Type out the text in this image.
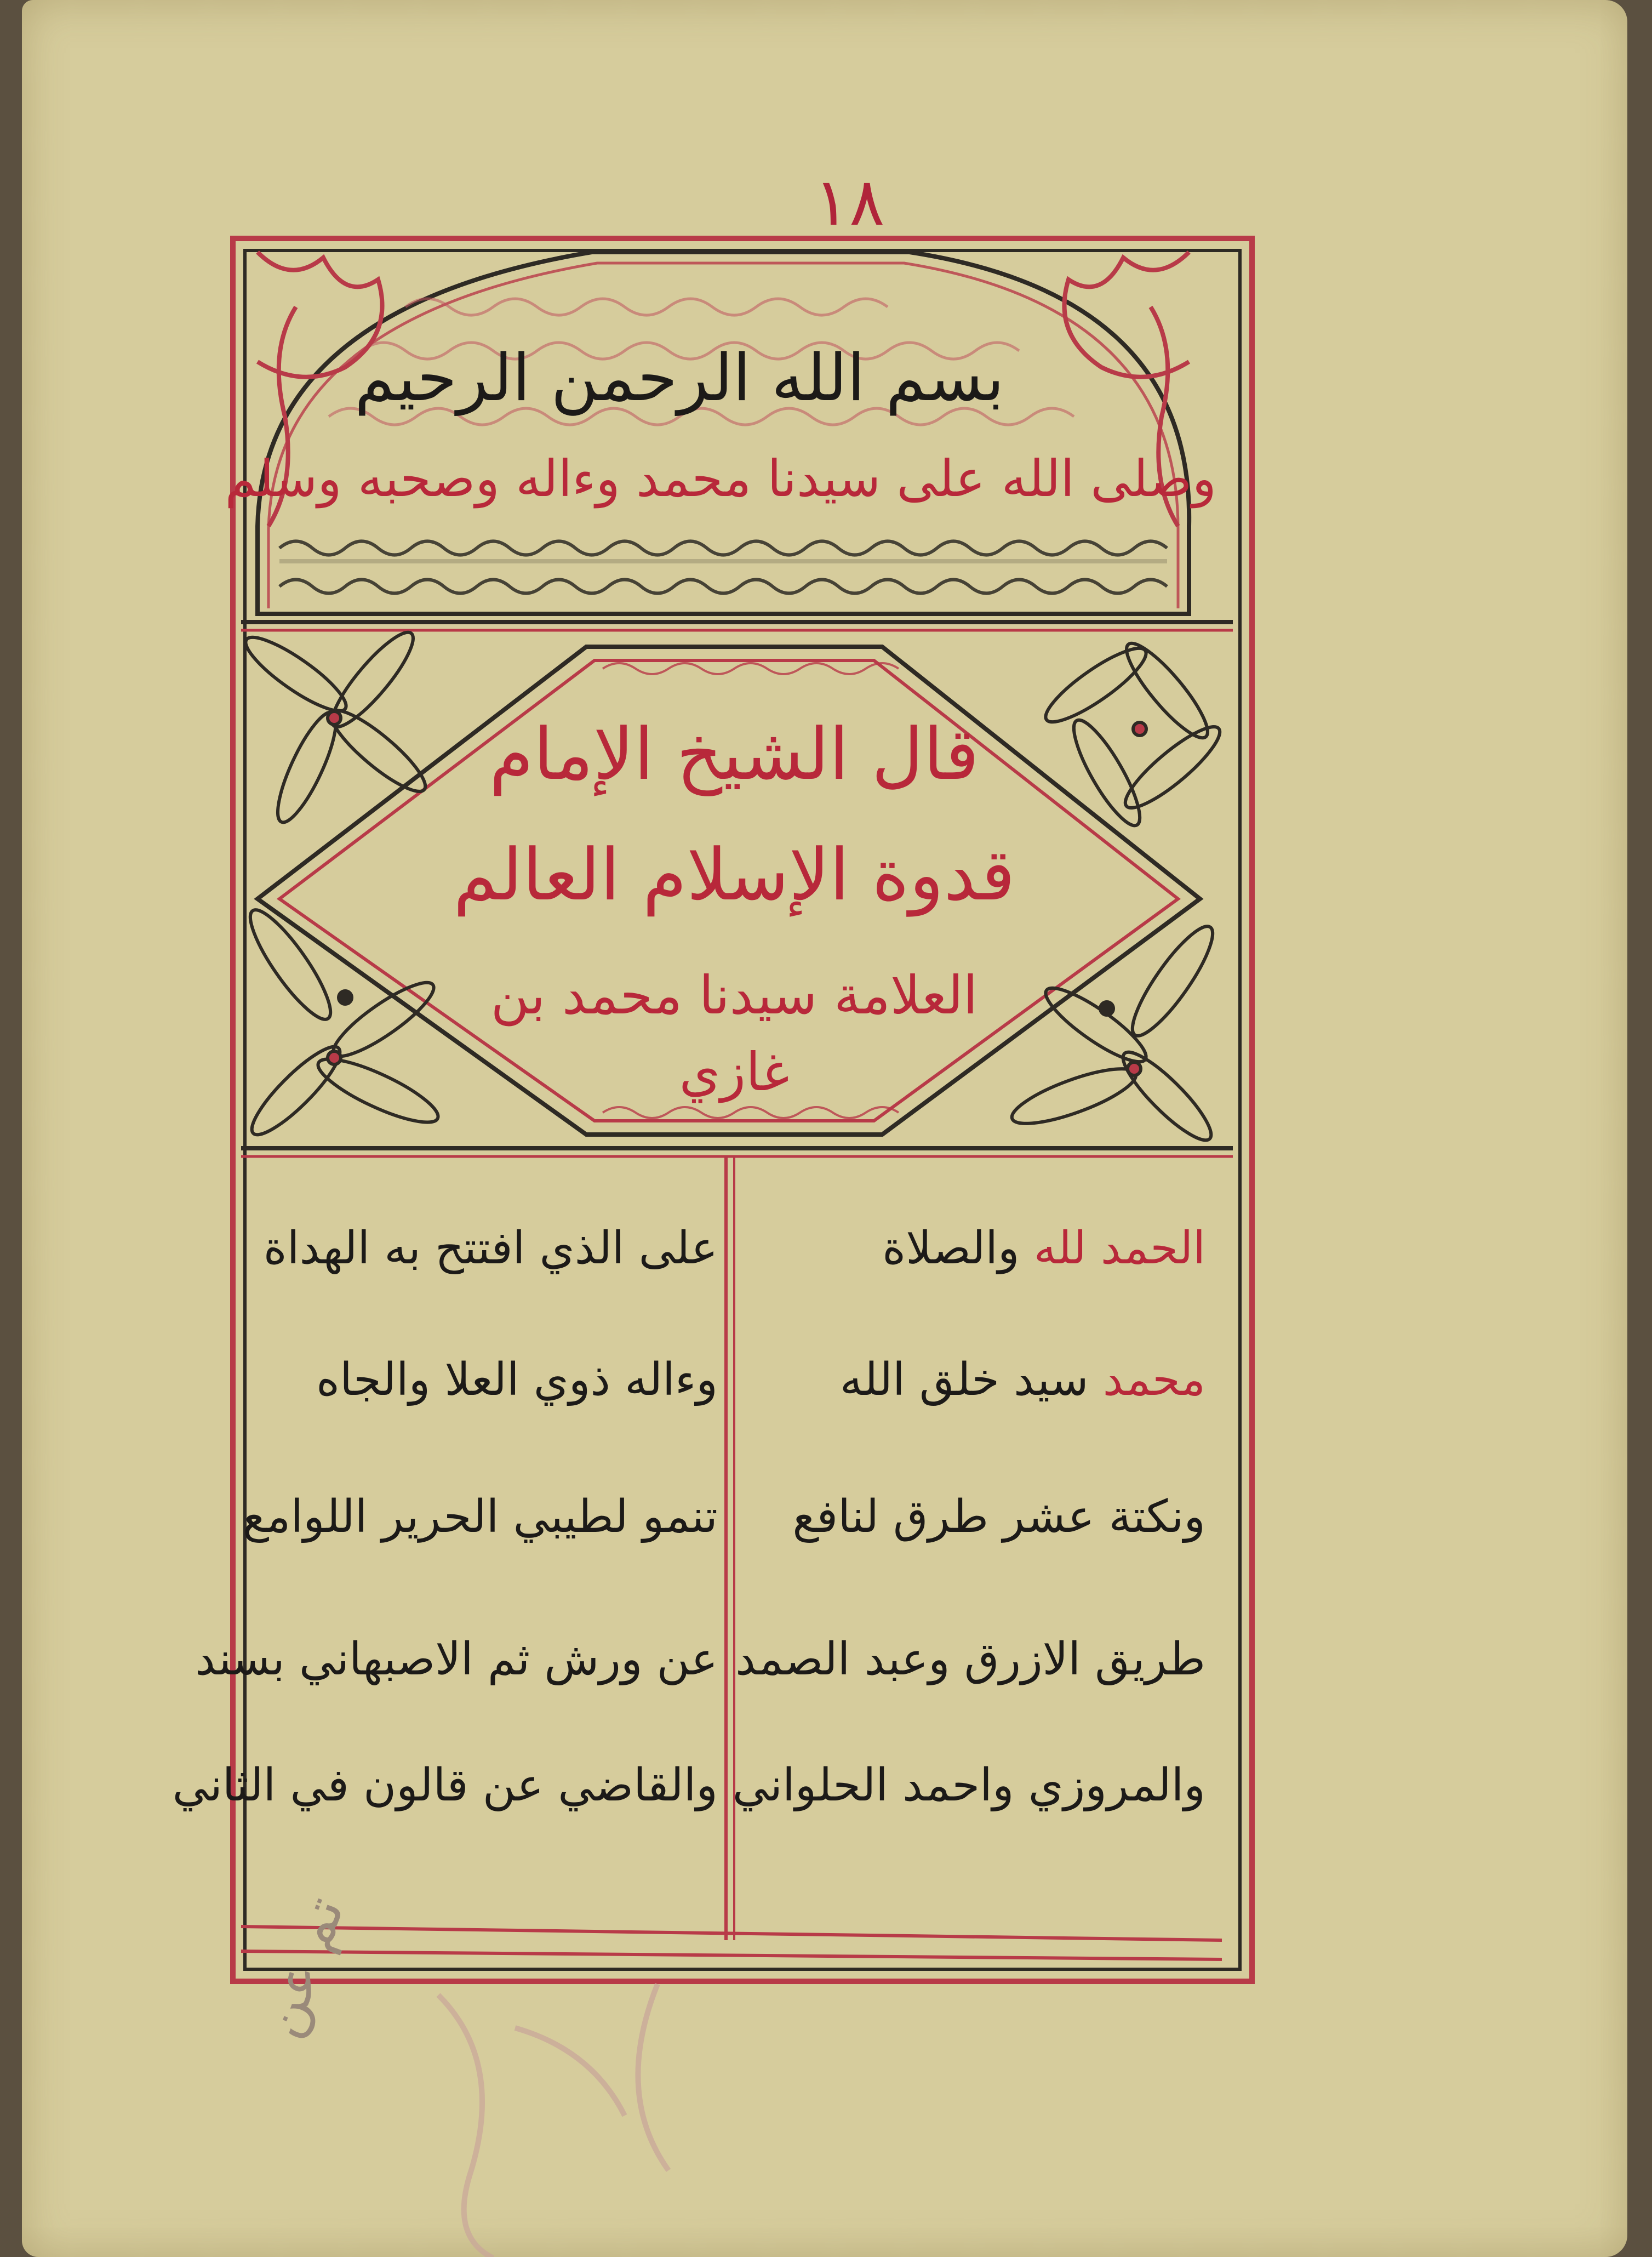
١٨
بسم الله الرحمن الرحيم
وصلى الله على سيدنا محمد وءاله وصحبه وسلم
قال الشيخ الإمام
قدوة الإسلام العالم
العلامة سيدنا محمد بن
غازي
الحمد لله والصلاة
محمد سيد خلق الله
ونكتة عشر طرق لنافع
طريق الازرق وعبد الصمد
والمروزي واحمد الحلواني
على الذي افتتح به الهداة
وءاله ذوي العلا والجاه
تنمو لطيبي الحرير اللوامع
عن ورش ثم الاصبهاني بسند
والقاضي عن قالون في الثاني
تم عن
